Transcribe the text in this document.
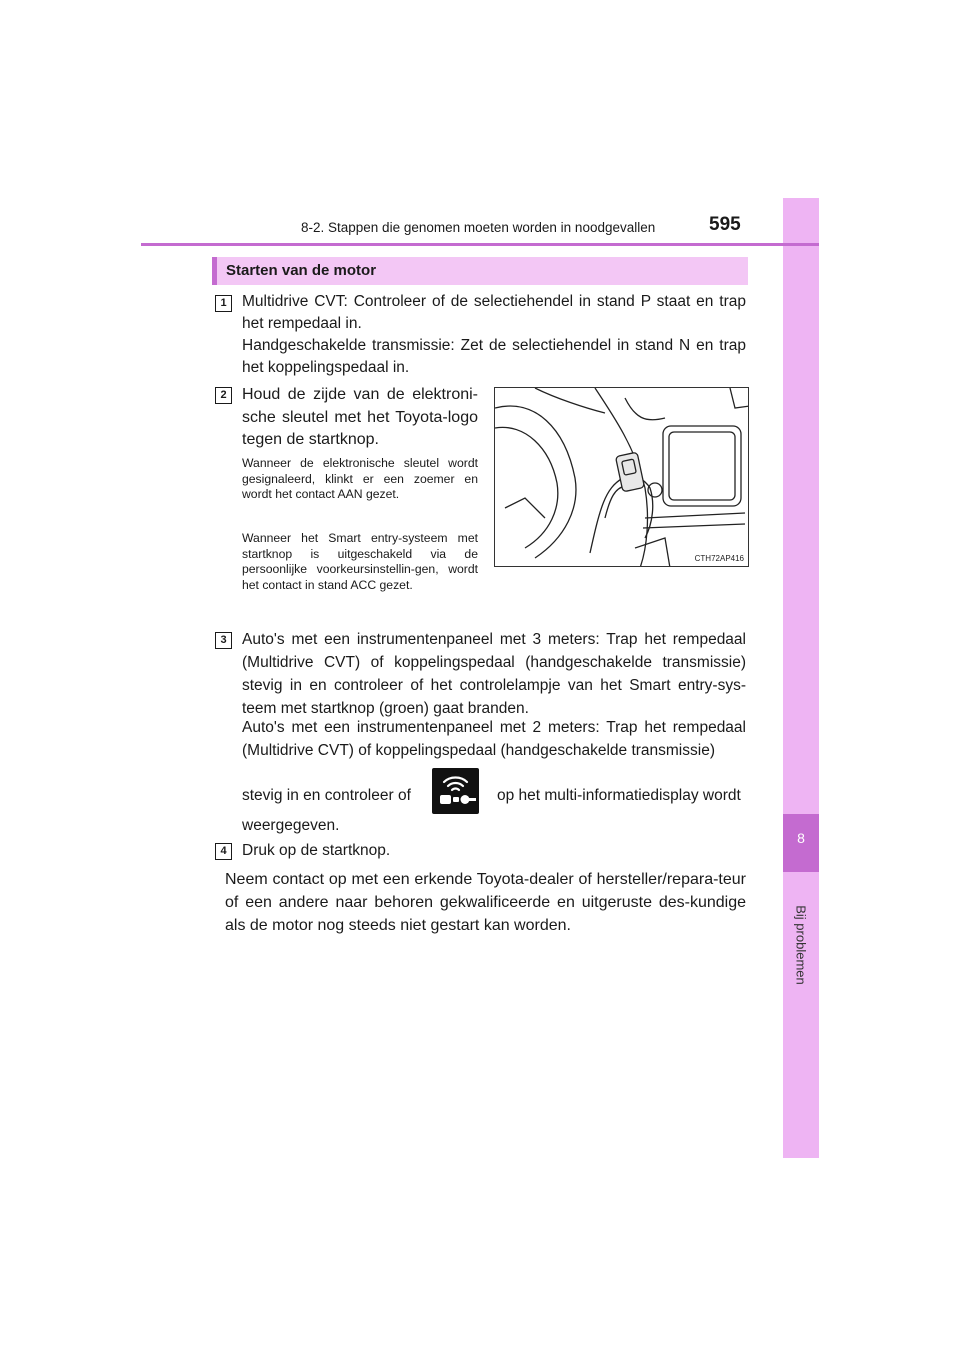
8
Bij problemen
8-2. Stappen die genomen moeten worden in noodgevallen	595
Starten van de motor
1 Multidrive CVT: Controleer of de selectiehendel in stand P staat en trap het rempedaal in.

Handgeschakelde transmissie: Zet de selectiehendel in stand N en trap het koppelingspedaal in.

2 Houd de zijde van de elektroni-sche sleutel met het Toyota-logo tegen de startknop.

Wanneer de elektronische sleutel wordt gesignaleerd, klinkt er een zoemer en wordt het contact AAN gezet.

Wanneer het Smart entry-systeem met startknop is uitgeschakeld via de persoonlijke voorkeursinstellin-gen, wordt het contact in stand ACC gezet.

CTH72AP416
3 Auto's met een instrumentenpaneel met 3 meters: Trap het rempedaal (Multidrive CVT) of koppelingspedaal (handgeschakelde transmissie) stevig in en controleer of het controlelampje van het Smart entry-sys-teem met startknop (groen) gaat branden.

Auto's met een instrumentenpaneel met 2 meters: Trap het rempedaal (Multidrive CVT) of koppelingspedaal (handgeschakelde transmissie)

stevig in en controleer of	op het multi-informatiedisplay wordt

weergegeven.

4 Druk op de startknop.

Neem contact op met een erkende Toyota-dealer of hersteller/repara-teur of een andere naar behoren gekwalificeerde en uitgeruste des-kundige als de motor nog steeds niet gestart kan worden.
